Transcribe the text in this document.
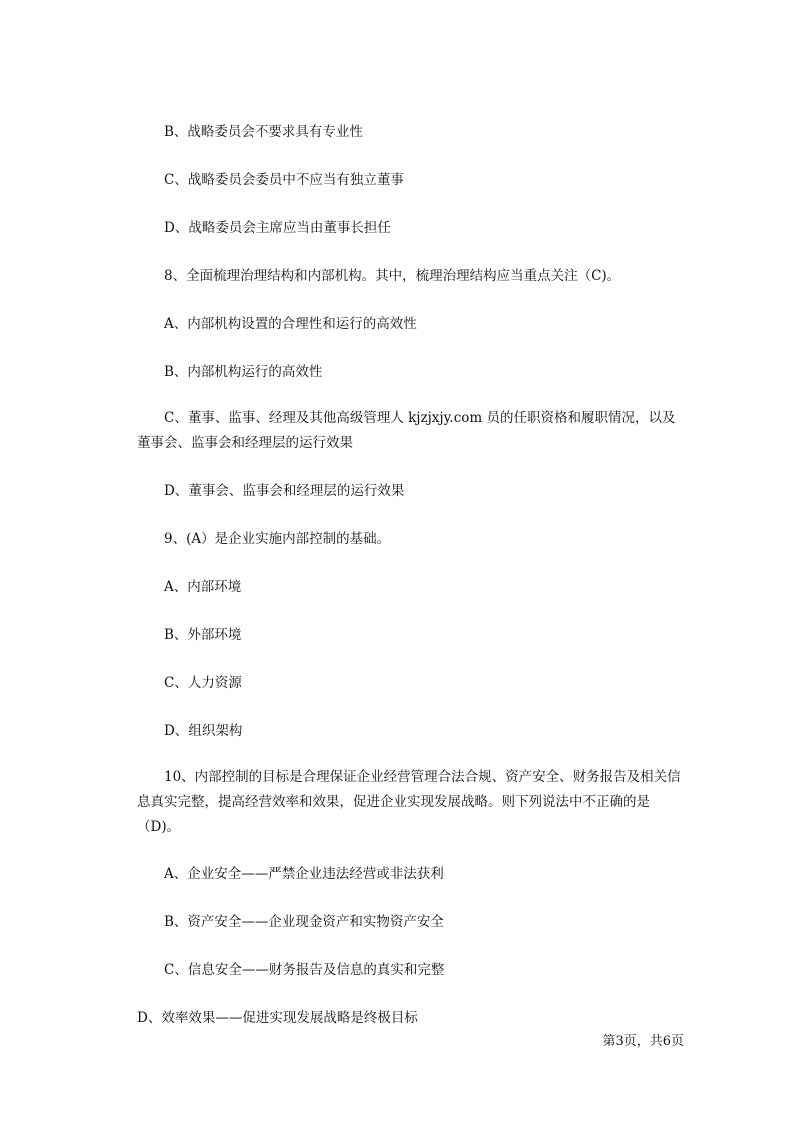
B、战略委员会不要求具有专业性
C、战略委员会委员中不应当有独立董事
D、战略委员会主席应当由董事长担任
8、全面梳理治理结构和内部机构。其中，梳理治理结构应当重点关注（C)。
A、内部机构设置的合理性和运行的高效性
B、内部机构运行的高效性
C、董事、监事、经理及其他高级管理人 kjzjxjy.com 员的任职资格和履职情况，以及董事会、监事会和经理层的运行效果
D、董事会、监事会和经理层的运行效果
9、(A）是企业实施内部控制的基础。
A、内部环境
B、外部环境
C、人力资源
D、组织架构
10、内部控制的目标是合理保证企业经营管理合法合规、资产安全、财务报告及相关信息真实完整，提高经营效率和效果，促进企业实现发展战略。则下列说法中不正确的是（D)。
A、企业安全——严禁企业违法经营或非法获利
B、资产安全——企业现金资产和实物资产安全
C、信息安全——财务报告及信息的真实和完整
D、效率效果——促进实现发展战略是终极目标
第3页，共6页
